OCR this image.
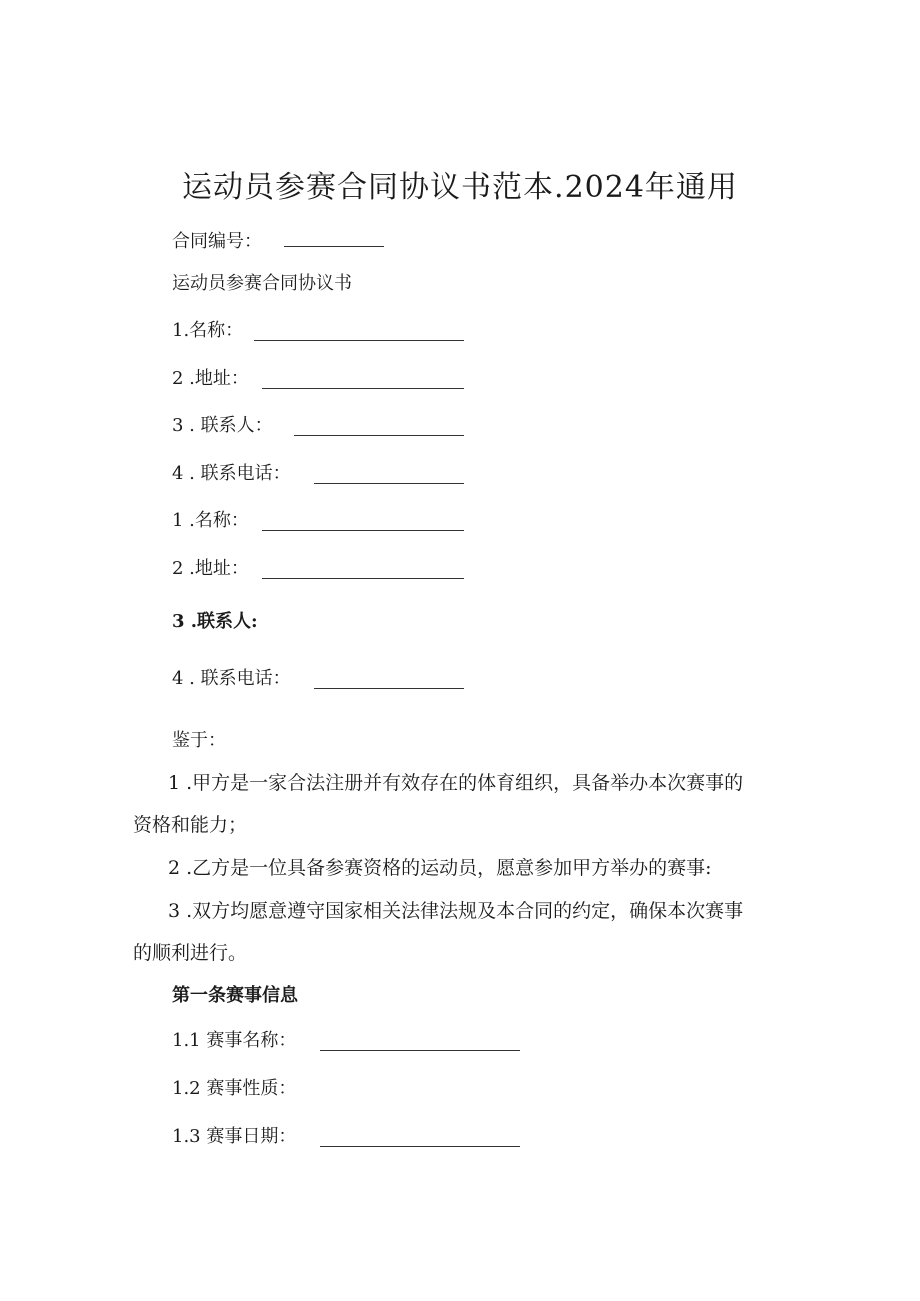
运动员参赛合同协议书范本.2024年通用
合同编号：
运动员参赛合同协议书
1.名称：
2 .地址：
3 . 联系人：
4 . 联系电话：
1 .名称：
2 .地址：
3 .联系人:
4 . 联系电话：
鉴于：
1 .甲方是一家合法注册并有效存在的体育组织，具备举办本次赛事的
资格和能力；
2 .乙方是一位具备参赛资格的运动员，愿意参加甲方举办的赛事:
3 .双方均愿意遵守国家相关法律法规及本合同的约定，确保本次赛事
的顺利进行。
第一条赛事信息
1.1 赛事名称：
1.2 赛事性质：
1.3 赛事日期：
